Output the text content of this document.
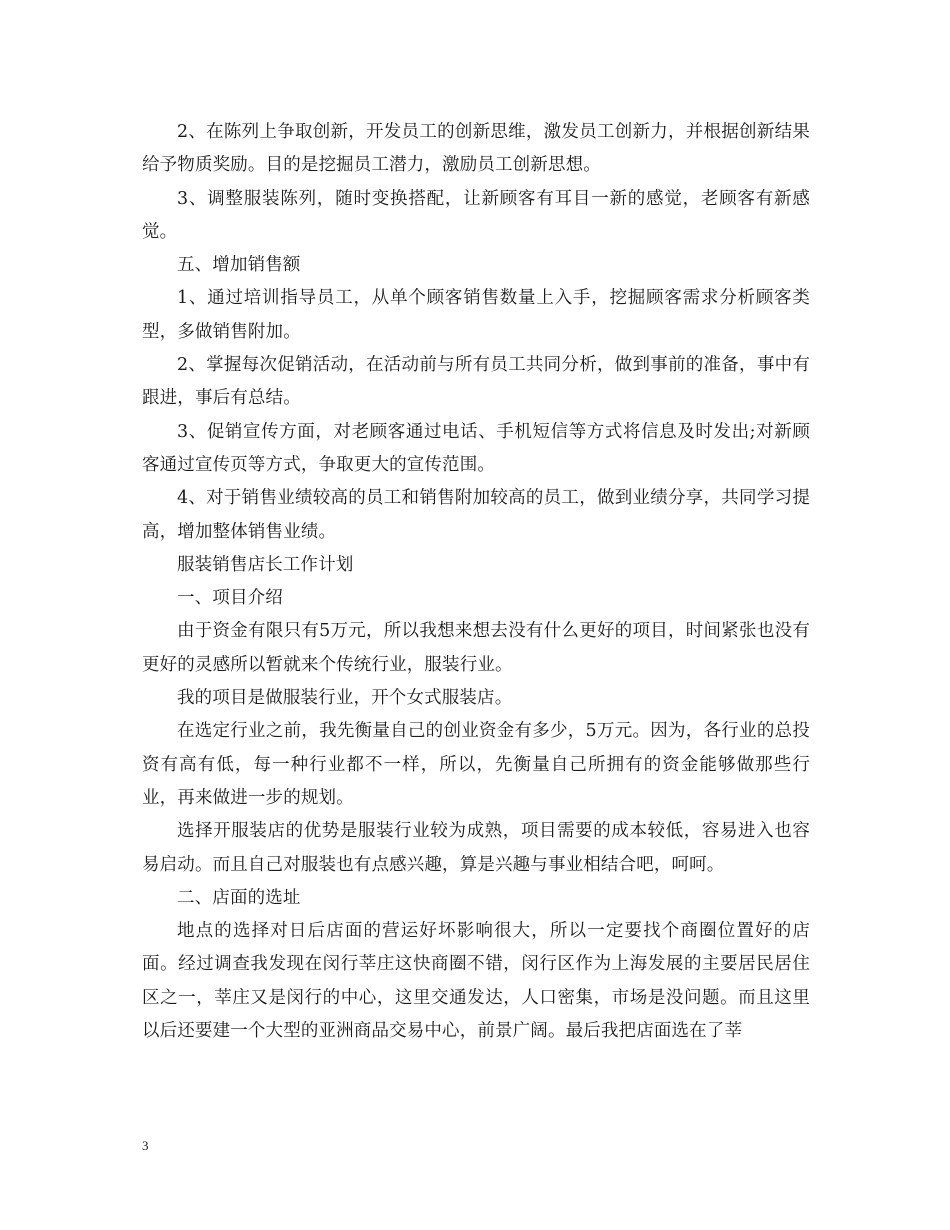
2、在陈列上争取创新，开发员工的创新思维，激发员工创新力，并根据创新结果给予物质奖励。目的是挖掘员工潜力，激励员工创新思想。

3、调整服装陈列，随时变换搭配，让新顾客有耳目一新的感觉，老顾客有新感觉。

五、增加销售额

1、通过培训指导员工，从单个顾客销售数量上入手，挖掘顾客需求分析顾客类型，多做销售附加。

2、掌握每次促销活动，在活动前与所有员工共同分析，做到事前的准备，事中有跟进，事后有总结。

3、促销宣传方面，对老顾客通过电话、手机短信等方式将信息及时发出;对新顾客通过宣传页等方式，争取更大的宣传范围。

4、对于销售业绩较高的员工和销售附加较高的员工，做到业绩分享，共同学习提高，增加整体销售业绩。

服装销售店长工作计划

一、项目介绍

由于资金有限只有5万元，所以我想来想去没有什么更好的项目，时间紧张也没有更好的灵感所以暂就来个传统行业，服装行业。

我的项目是做服装行业，开个女式服装店。

在选定行业之前，我先衡量自己的创业资金有多少，5万元。因为，各行业的总投资有高有低，每一种行业都不一样，所以，先衡量自己所拥有的资金能够做那些行业，再来做进一步的规划。

选择开服装店的优势是服装行业较为成熟，项目需要的成本较低，容易进入也容易启动。而且自己对服装也有点感兴趣，算是兴趣与事业相结合吧，呵呵。

二、店面的选址

地点的选择对日后店面的营运好坏影响很大，所以一定要找个商圈位置好的店面。经过调查我发现在闵行莘庄这快商圈不错，闵行区作为上海发展的主要居民居住区之一，莘庄又是闵行的中心，这里交通发达，人口密集，市场是没问题。而且这里以后还要建一个大型的亚洲商品交易中心，前景广阔。最后我把店面选在了莘

3
